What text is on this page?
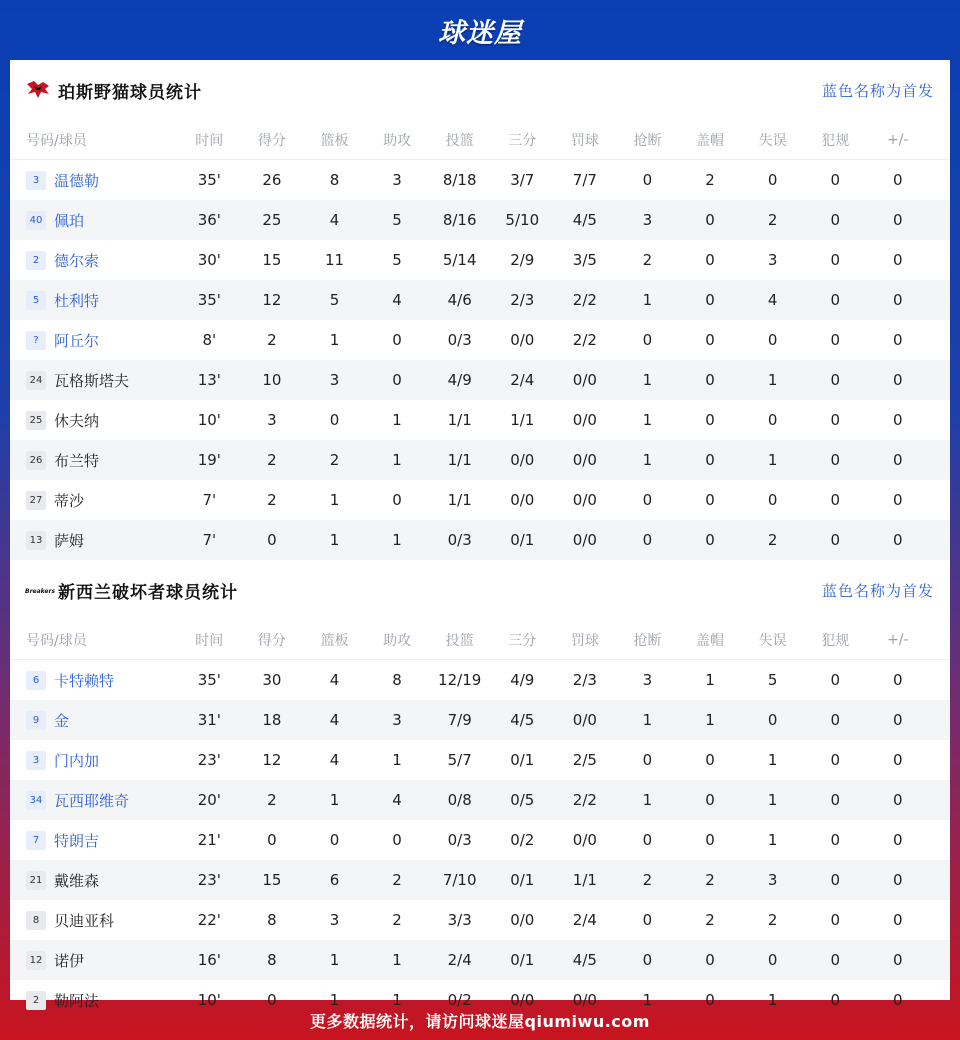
球迷屋
珀斯野猫球员统计	蓝色名称为首发
号码/球员	时间	得分	篮板	助攻	投篮	三分	罚球	抢断	盖帽	失误	犯规	+/-
3 温德勒	35'	26	8	3	8/18	3/7	7/7	0	2	0	0	0
40 佩珀	36'	25	4	5	8/16	5/10	4/5	3	0	2	0	0
2 德尔索	30'	15	11	5	5/14	2/9	3/5	2	0	3	0	0
5 杜利特	35'	12	5	4	4/6	2/3	2/2	1	0	4	0	0
?	阿丘尔	8'	2	1	0	0/3	0/0	2/2	0	0	0	0	0
24 瓦格斯塔夫	13'	10	3	0	4/9	2/4	0/0	1	0	1	0	0
25 休夫纳	10'	3	0	1	1/1	1/1	0/0	1	0	0	0	0
26 布兰特	19'	2	2	1	1/1	0/0	0/0	1	0	1	0	0
27 蒂沙	7'	2	1	0	1/1	0/0	0/0	0	0	0	0	0
13 萨姆	7'	0	1	1	0/3	0/1	0/0	0	0	2	0	0
Breakers 新西兰破坏者球员统计	蓝色名称为首发
号码/球员	时间	得分	篮板	助攻	投篮	三分	罚球	抢断	盖帽	失误	犯规	+/-
6 卡特赖特	35'	30	4	8	12/19	4/9	2/3	3	1	5	0	0
9 金	31'	18	4	3	7/9	4/5	0/0	1	1	0	0	0
3 门内加	23'	12	4	1	5/7	0/1	2/5	0	0	1	0	0
34 瓦西耶维奇	20'	2	1	4	0/8	0/5	2/2	1	0	1	0	0
7 特朗吉	21'	0	0	0	0/3	0/2	0/0	0	0	1	0	0
21 戴维森	23'	15	6	2	7/10	0/1	1/1	2	2	3	0	0
8 贝迪亚科	22'	8	3	2	3/3	0/0	2/4	0	2	2	0	0
12 诺伊	16'	8	1	1	2/4	0/1	4/5	0	0	0	0	0
2 勒阿法	10'	0	1	1	0/2	0/0	0/0	1	0	1	0	0
更多数据统计，请访问球迷屋qiumiwu.com
